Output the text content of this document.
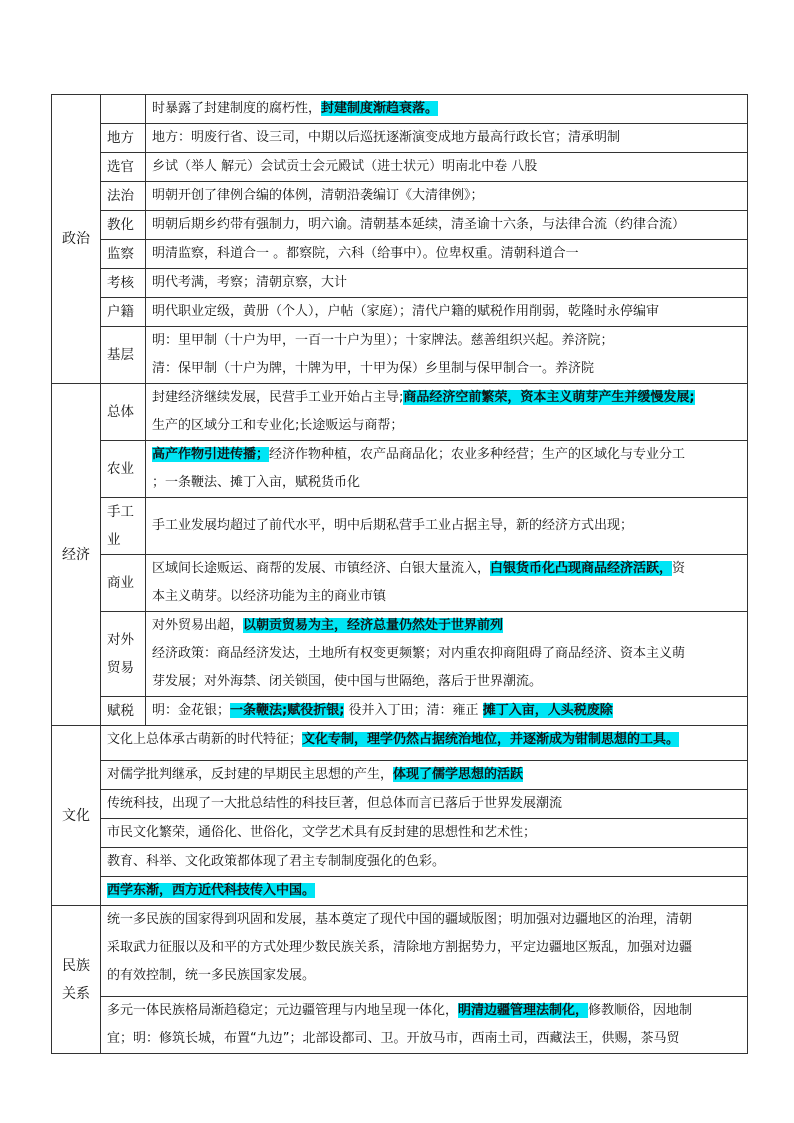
政治		时暴露了封建制度的腐朽性，封建制度渐趋衰落。
	地方	地方：明废行省、设三司，中期以后巡抚逐渐演变成地方最高行政长官；清承明制
	选官	乡试（举人 解元）会试贡士会元殿试（进士状元）明南北中卷 八股
	法治	明朝开创了律例合编的体例，清朝沿袭编订《大清律例》；
	教化	明朝后期乡约带有强制力，明六谕。清朝基本延续，清圣谕十六条，与法律合流（约律合流）
	监察	明清监察，科道合一 。都察院，六科（给事中）。位卑权重。清朝科道合一
	考核	明代考满，考察；清朝京察，大计
	户籍	明代职业定级，黄册（个人），户帖（家庭）；清代户籍的赋税作用削弱，乾隆时永停编审
	基层	明：里甲制（十户为甲，一百一十户为里）；十家牌法。慈善组织兴起。养济院；
清：保甲制（十户为牌，十牌为甲，十甲为保）乡里制与保甲制合一。养济院

经济	总体	封建经济继续发展，民营手工业开始占主导;商品经济空前繁荣，资本主义萌芽产生并缓慢发展;
生产的区域分工和专业化;长途贩运与商帮；

	农业	高产作物引进传播；经济作物种植，农产品商品化；农业多种经营；生产的区域化与专业分工
；一条鞭法、摊丁入亩，赋税货币化

	手工
业	手工业发展均超过了前代水平，明中后期私营手工业占据主导，新的经济方式出现；
	商业	区域间长途贩运、商帮的发展、市镇经济、白银大量流入，白银货币化凸现商品经济活跃，资
本主义萌芽。以经济功能为主的商业市镇

	对外
贸易	对外贸易出超，以朝贡贸易为主，经济总量仍然处于世界前列
经济政策：商品经济发达，土地所有权变更频繁；对内重农抑商阻碍了商品经济、资本主义萌
芽发展；对外海禁、闭关锁国，使中国与世隔绝，落后于世界潮流。

	赋税	明：金花银；一条鞭法;赋役折银; 役并入丁田；清：雍正 摊丁入亩，人头税废除
文化	文化上总体承古萌新的时代特征；文化专制，理学仍然占据统治地位，并逐渐成为钳制思想的工具。	
	对儒学批判继承，反封建的早期民主思想的产生，体现了儒学思想的活跃	
	传统科技，出现了一大批总结性的科技巨著，但总体而言已落后于世界发展潮流	
	市民文化繁荣，通俗化、世俗化，文学艺术具有反封建的思想性和艺术性；	
	教育、科举、文化政策都体现了君主专制制度强化的色彩。	
	西学东渐，西方近代科技传入中国。	
民族关系	统一多民族的国家得到巩固和发展，基本奠定了现代中国的疆域版图；明加强对边疆地区的治理，清朝
采取武力征服以及和平的方式处理少数民族关系，清除地方割据势力，平定边疆地区叛乱，加强对边疆
的有效控制，统一多民族国家发展。	

	多元一体民族格局渐趋稳定；元边疆管理与内地呈现一体化，明清边疆管理法制化，修教顺俗，因地制
宜；明：修筑长城，布置“九边”；北部设都司、卫。开放马市，西南土司，西藏法王，供赐，茶马贸	
